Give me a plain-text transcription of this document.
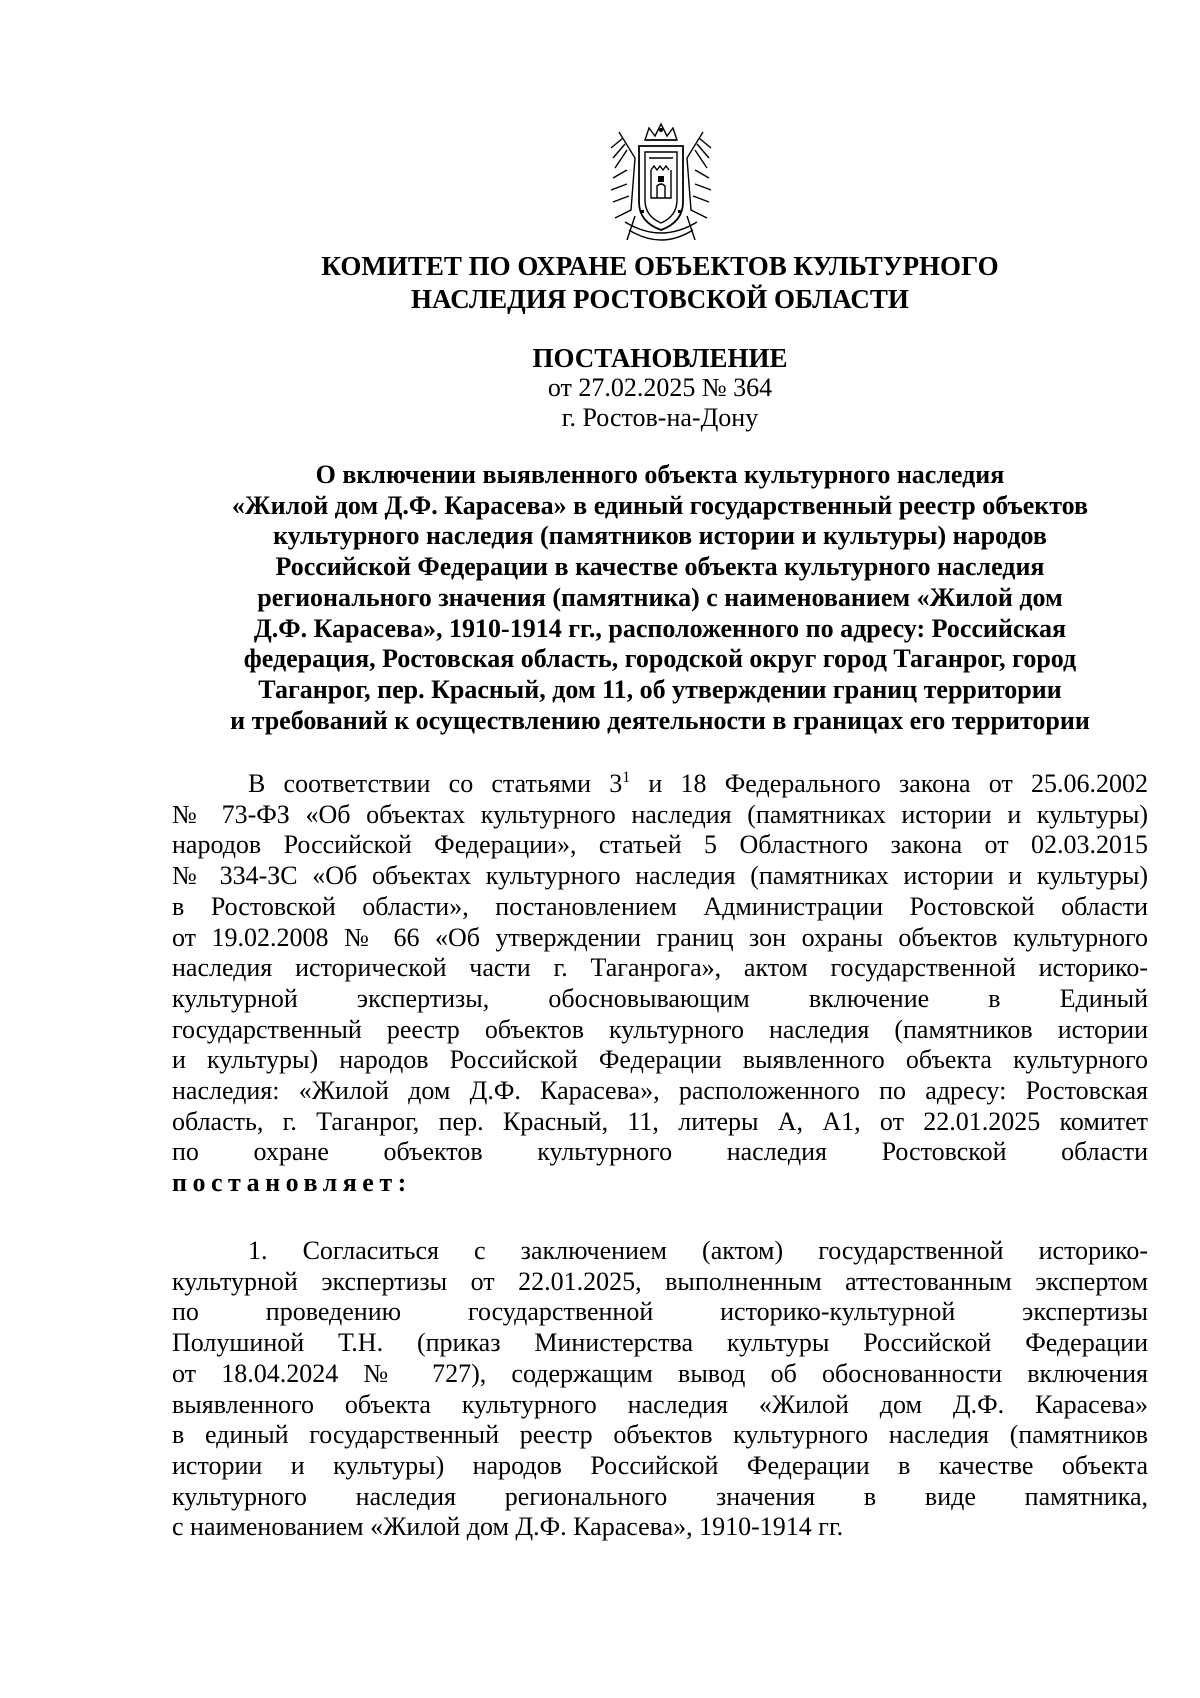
КОМИТЕТ ПО ОХРАНЕ ОБЪЕКТОВ КУЛЬТУРНОГО
НАСЛЕДИЯ РОСТОВСКОЙ ОБЛАСТИ
ПОСТАНОВЛЕНИЕ
от 27.02.2025 № 364
г. Ростов-на-Дону
О включении выявленного объекта культурного наследия
«Жилой дом Д.Ф. Карасева» в единый государственный реестр объектов
культурного наследия (памятников истории и культуры) народов
Российской Федерации в качестве объекта культурного наследия
регионального значения (памятника) с наименованием «Жилой дом
Д.Ф. Карасева», 1910-1914 гг., расположенного по адресу: Российская
федерация, Ростовская область, городской округ город Таганрог, город
Таганрог, пер. Красный, дом 11, об утверждении границ территории
и требований к осуществлению деятельности в границах его территории
В соответствии со статьями $3^1$ и 18 Федерального закона от 25.06.2002
№ 73-ФЗ «Об объектах культурного наследия (памятниках истории и культуры)
народов Российской Федерации», статьей 5 Областного закона от 02.03.2015
№ 334-ЗС «Об объектах культурного наследия (памятниках истории и культуры)
в Ростовской области», постановлением Администрации Ростовской области
от 19.02.2008 № 66 «Об утверждении границ зон охраны объектов культурного
наследия исторической части г. Таганрога», актом государственной историко-
культурной экспертизы, обосновывающим включение в Единый
государственный реестр объектов культурного наследия (памятников истории
и культуры) народов Российской Федерации выявленного объекта культурного
наследия: «Жилой дом Д.Ф. Карасева», расположенного по адресу: Ростовская
область, г. Таганрог, пер. Красный, 11, литеры А, А1, от 22.01.2025 комитет
по охране объектов культурного наследия Ростовской области
постановляет:
1. Согласиться с заключением (актом) государственной историко-
культурной экспертизы от 22.01.2025, выполненным аттестованным экспертом
по проведению государственной историко-культурной экспертизы
Полушиной Т.Н. (приказ Министерства культуры Российской Федерации
от 18.04.2024 № 727), содержащим вывод об обоснованности включения
выявленного объекта культурного наследия «Жилой дом Д.Ф. Карасева»
в единый государственный реестр объектов культурного наследия (памятников
истории и культуры) народов Российской Федерации в качестве объекта
культурного наследия регионального значения в виде памятника,
с наименованием «Жилой дом Д.Ф. Карасева», 1910-1914 гг.
